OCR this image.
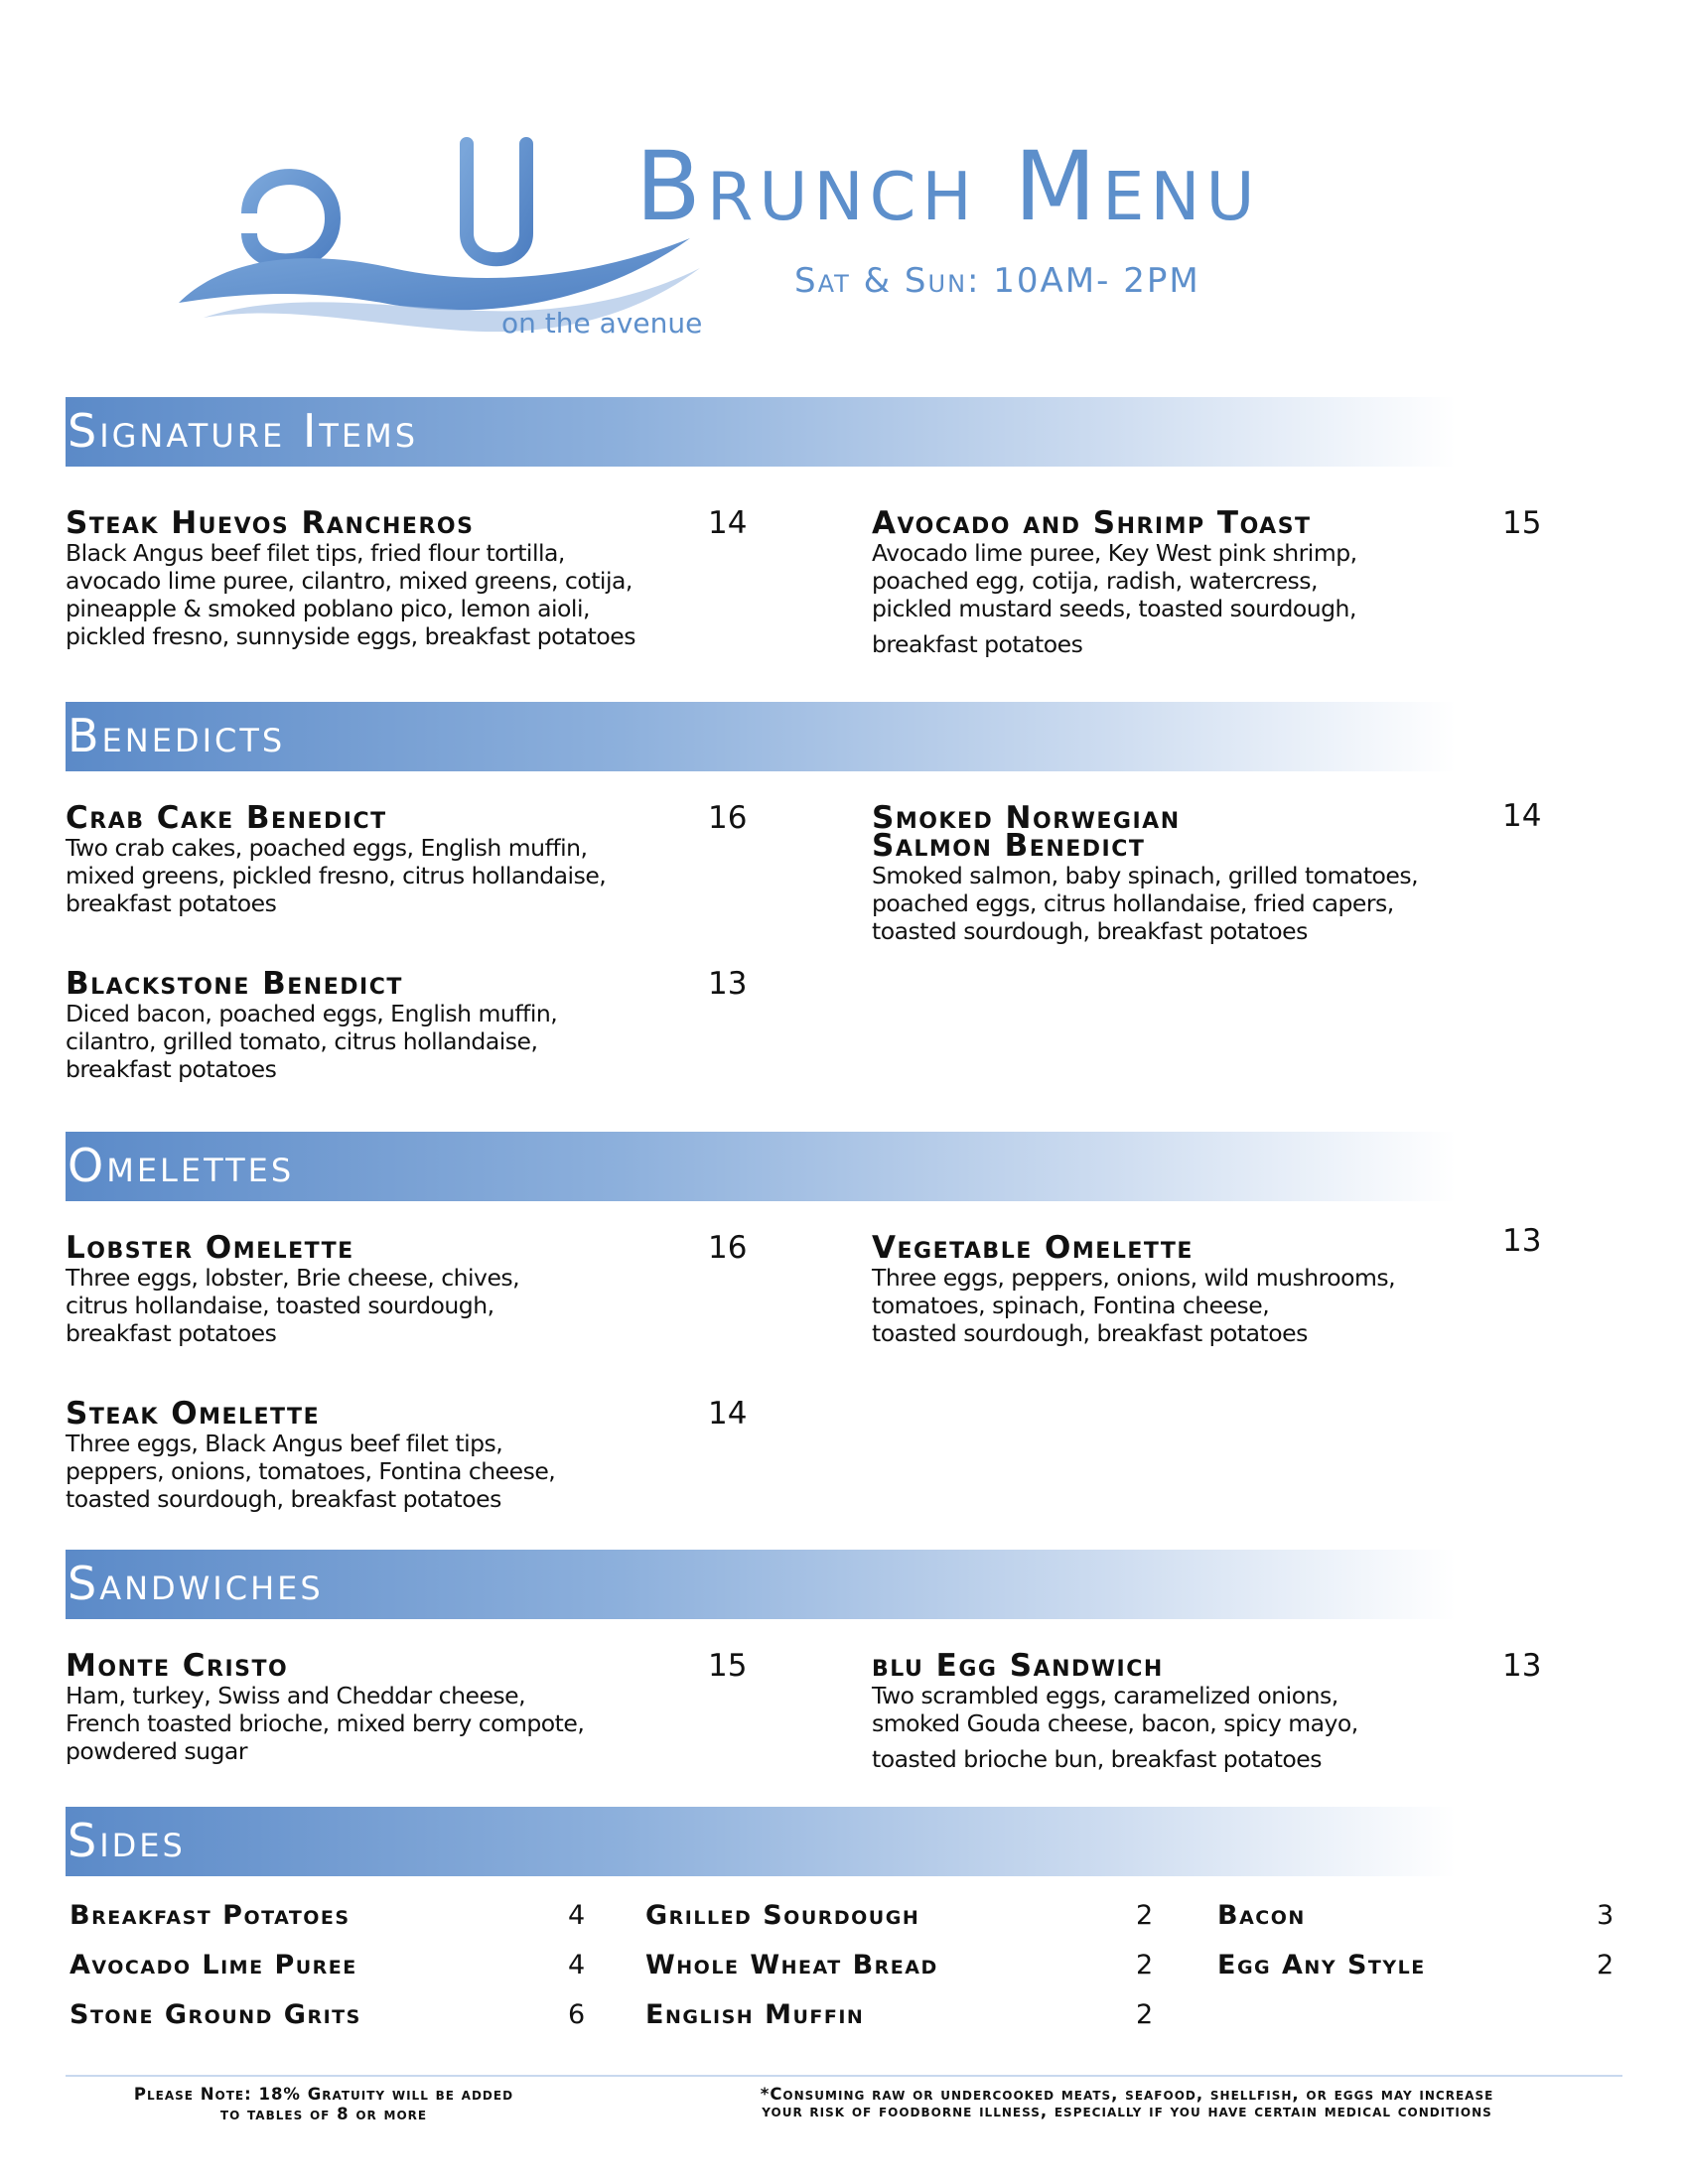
on the avenue
Brunch Menu
Sat & Sun: 10AM- 2PM
Signature Items
Steak Huevos Rancheros
Black Angus beef filet tips, fried flour tortilla,
avocado lime puree, cilantro, mixed greens, cotija,
pineapple & smoked poblano pico, lemon aioli,
pickled fresno, sunnyside eggs, breakfast potatoes
14	Avocado and Shrimp Toast
Avocado lime puree, Key West pink shrimp,
poached egg, cotija, radish, watercress,
pickled mustard seeds, toasted sourdough,
breakfast potatoes
15
Benedicts
Crab Cake Benedict
Two crab cakes, poached eggs, English muffin,
mixed greens, pickled fresno, citrus hollandaise,
breakfast potatoes
16	Smoked Norwegian Salmon Benedict
Smoked salmon, baby spinach, grilled tomatoes,
poached eggs, citrus hollandaise, fried capers,
toasted sourdough, breakfast potatoes
14
Blackstone Benedict
Diced bacon, poached eggs, English muffin,
cilantro, grilled tomato, citrus hollandaise,
breakfast potatoes
13
Omelettes
Lobster Omelette
Three eggs, lobster, Brie cheese, chives,
citrus hollandaise, toasted sourdough,
breakfast potatoes
16	Vegetable Omelette
Three eggs, peppers, onions, wild mushrooms,
tomatoes, spinach, Fontina cheese,
toasted sourdough, breakfast potatoes
13
Steak Omelette
Three eggs, Black Angus beef filet tips,
peppers, onions, tomatoes, Fontina cheese,
toasted sourdough, breakfast potatoes
14
Sandwiches
Monte Cristo
Ham, turkey, Swiss and Cheddar cheese,
French toasted brioche, mixed berry compote,
powdered sugar
15	blu Egg Sandwich
Two scrambled eggs, caramelized onions,
smoked Gouda cheese, bacon, spicy mayo,
toasted brioche bun, breakfast potatoes
13
Sides
Breakfast Potatoes	4
Avocado Lime Puree	4
Stone Ground Grits	6
Grilled Sourdough	2
Whole Wheat Bread	2
English Muffin	2
Bacon	3
Egg Any Style	2
Please Note: 18% Gratuity will be added
to tables of 8 or more
*Consuming raw or undercooked meats, seafood, shellfish, or eggs may increase
your risk of foodborne illness, especially if you have certain medical conditions
